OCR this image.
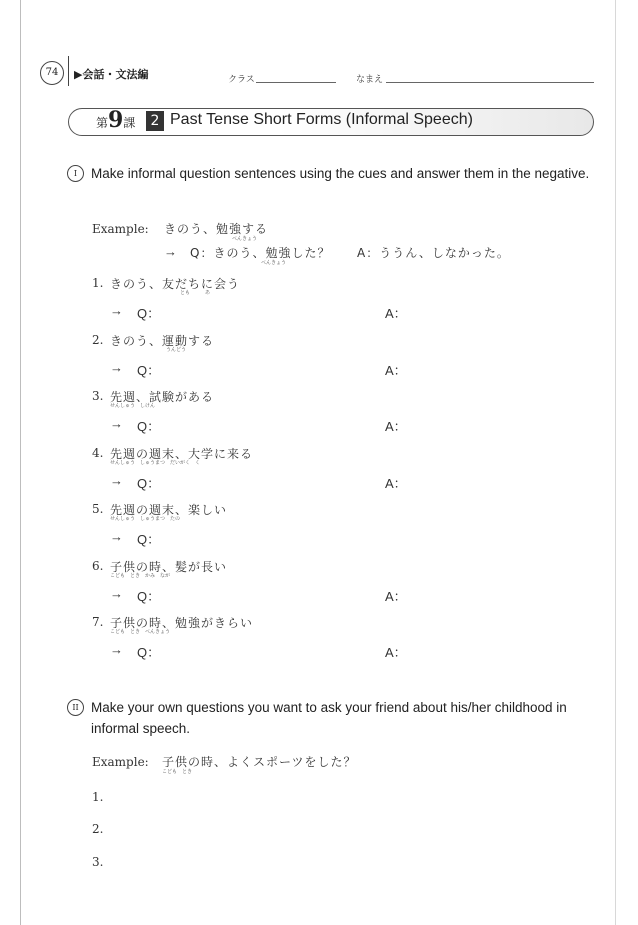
74	▶会話・文法編	クラス	なまえ
第9課	2 Past Tense Short Forms (Informal Speech)
I	Make informal question sentences using the cues and answer them in the negative.
Example: きのう、勉強する
べんきょう
→ Q：きのう、勉強した？
べんきょう
A：ううん、しなかった。
1. きのう、友だちに会う
とも　　　あ
→ Q：	A：
2. きのう、運動する
うんどう
→ Q：	A：
3. 先週、試験がある
せんしゅう　しけん
→ Q：	A：
4. 先週の週末、大学に来る
せんしゅう　しゅうまつ　だいがく　く
→ Q：	A：
5. 先週の週末、楽しい
せんしゅう　しゅうまつ　たの
→ Q：
6. 子供の時、髪が長い
こども　とき　かみ　なが
→ Q：	A：
7. 子供の時、勉強がきらい
こども　とき　べんきょう
→ Q：	A：
II Make your own questions you want to ask your friend about his/her childhood in informal speech.
Example: 子供の時、よくスポーツをした？
こども　とき
1.
2.
3.
